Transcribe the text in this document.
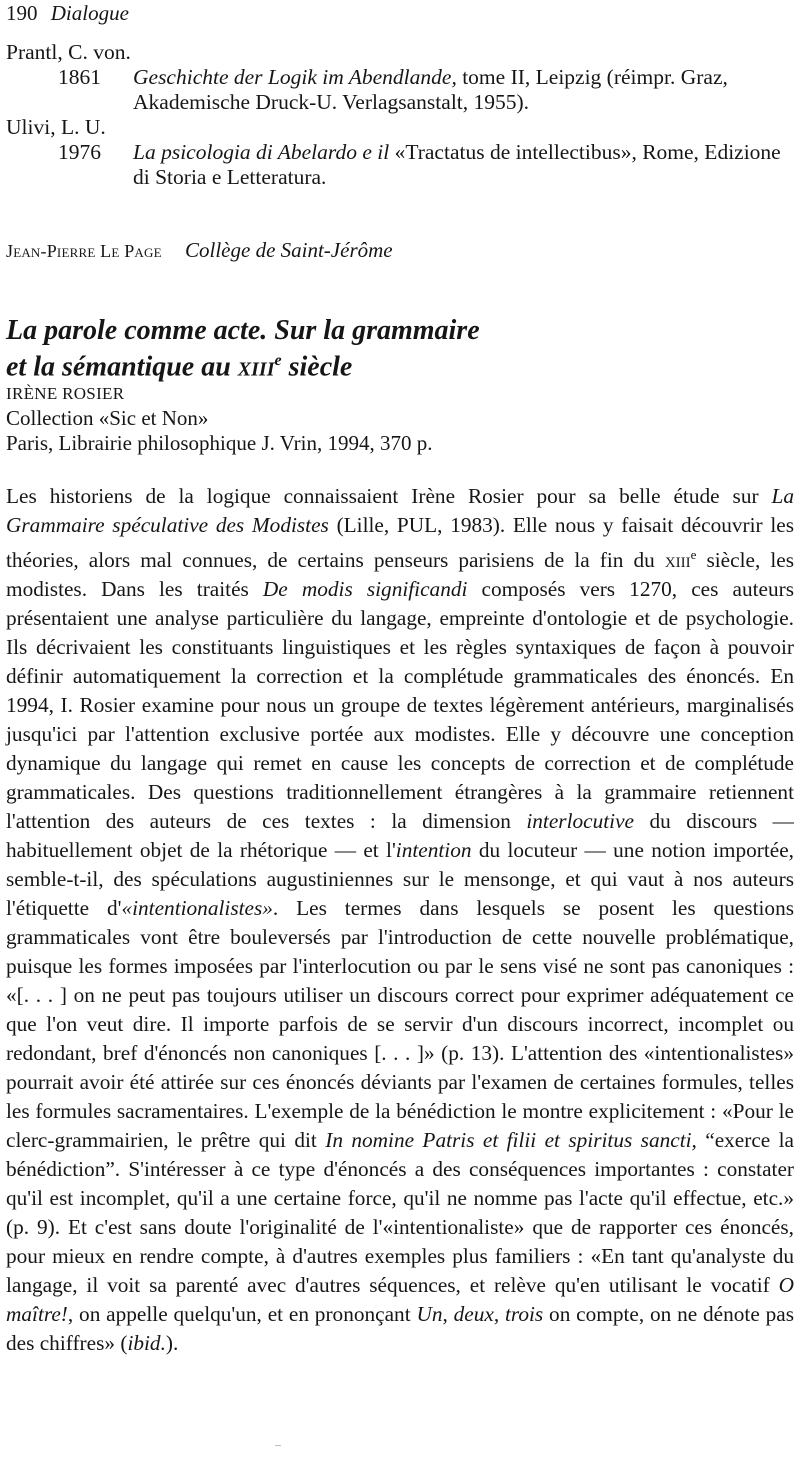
190 Dialogue
Prantl, C. von.
1861	Geschichte der Logik im Abendlande, tome II, Leipzig (réimpr. Graz, Akademische Druck-U. Verlagsanstalt, 1955).
Ulivi, L. U.
1976	La psicologia di Abelardo e il «Tractatus de intellectibus», Rome, Edizione di Storia e Letteratura.
Jean-Pierre Le Page Collège de Saint-Jérôme
La parole comme acte. Sur la grammaire
et la sémantique au xiii$^e$ siècle
IRÈNE ROSIER
Collection «Sic et Non»
Paris, Librairie philosophique J. Vrin, 1994, 370 p.

Les historiens de la logique connaissaient Irène Rosier pour sa belle étude sur La Grammaire spéculative des Modistes (Lille, PUL, 1983). Elle nous y faisait découvrir les théories, alors mal connues, de certains penseurs parisiens de la fin du xiii$^e$ siècle, les modistes. Dans les traités De modis significandi composés vers 1270, ces auteurs présentaient une analyse particulière du langage, empreinte d'ontologie et de psychologie. Ils décrivaient les constituants linguistiques et les règles syntaxiques de façon à pouvoir définir automatiquement la correction et la complétude grammaticales des énoncés. En 1994, I. Rosier examine pour nous un groupe de textes légèrement antérieurs, marginalisés jusqu'ici par l'attention exclusive portée aux modistes. Elle y découvre une conception dynamique du langage qui remet en cause les concepts de correction et de complétude grammaticales. Des questions traditionnellement étrangères à la grammaire retiennent l'attention des auteurs de ces textes : la dimension interlocutive du discours — habituellement objet de la rhétorique — et l'intention du locuteur — une notion importée, semble-t-il, des spéculations augustiniennes sur le mensonge, et qui vaut à nos auteurs l'étiquette d'«intentionalistes». Les termes dans lesquels se posent les questions grammaticales vont être bouleversés par l'introduction de cette nouvelle problématique, puisque les formes imposées par l'interlocution ou par le sens visé ne sont pas canoniques : «[. . . ] on ne peut pas toujours utiliser un discours correct pour exprimer adéquatement ce que l'on veut dire. Il importe parfois de se servir d'un discours incorrect, incomplet ou redondant, bref d'énoncés non canoniques [. . . ]» (p. 13). L'attention des «intentionalistes» pourrait avoir été attirée sur ces énoncés déviants par l'examen de certaines formules, telles les formules sacramentaires. L'exemple de la bénédiction le montre explicitement : «Pour le clerc-grammairien, le prêtre qui dit In nomine Patris et filii et spiritus sancti, “exerce la bénédiction”. S'intéresser à ce type d'énoncés a des conséquences importantes : constater qu'il est incomplet, qu'il a une certaine force, qu'il ne nomme pas l'acte qu'il effectue, etc.» (p. 9). Et c'est sans doute l'originalité de l'«intentionaliste» que de rapporter ces énoncés, pour mieux en rendre compte, à d'autres exemples plus familiers : «En tant qu'analyste du langage, il voit sa parenté avec d'autres séquences, et relève qu'en utilisant le vocatif O maître!, on appelle quelqu'un, et en prononçant Un, deux, trois on compte, on ne dénote pas des chiffres» (ibid.).
